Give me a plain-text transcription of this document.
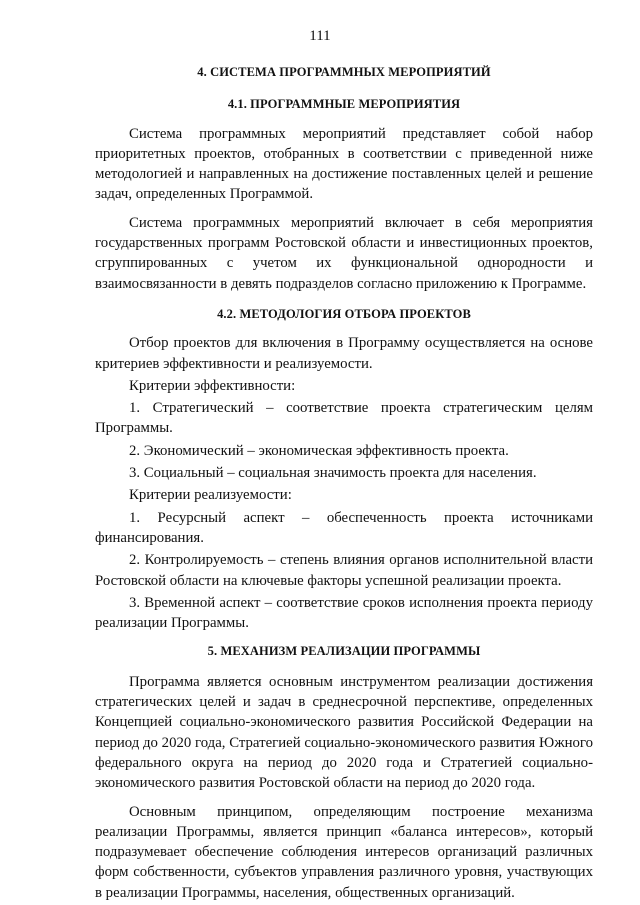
111
4. СИСТЕМА ПРОГРАММНЫХ МЕРОПРИЯТИЙ
4.1. ПРОГРАММНЫЕ МЕРОПРИЯТИЯ

Система программных мероприятий представляет собой набор приоритетных проектов, отобранных в соответствии с приведенной ниже методологией и направленных на достижение поставленных целей и решение задач, определенных Программой.

Система программных мероприятий включает в себя мероприятия государственных программ Ростовской области и инвестиционных проектов, сгруппированных с учетом их функциональной однородности и взаимосвязанности в девять подразделов согласно приложению к Программе.

4.2. МЕТОДОЛОГИЯ ОТБОРА ПРОЕКТОВ

Отбор проектов для включения в Программу осуществляется на основе критериев эффективности и реализуемости.

Критерии эффективности:

1. Стратегический – соответствие проекта стратегическим целям Программы.

2. Экономический – экономическая эффективность проекта.

3. Социальный – социальная значимость проекта для населения.

Критерии реализуемости:

1. Ресурсный аспект – обеспеченность проекта источниками финансирования.

2. Контролируемость – степень влияния органов исполнительной власти Ростовской области на ключевые факторы успешной реализации проекта.

3. Временной аспект – соответствие сроков исполнения проекта периоду реализации Программы.

5. МЕХАНИЗМ РЕАЛИЗАЦИИ ПРОГРАММЫ

Программа является основным инструментом реализации достижения стратегических целей и задач в среднесрочной перспективе, определенных Концепцией социально-экономического развития Российской Федерации на период до 2020 года, Стратегией социально-экономического развития Южного федерального округа на период до 2020 года и Стратегией социально-экономического развития Ростовской области на период до 2020 года.

Основным принципом, определяющим построение механизма реализации Программы, является принцип «баланса интересов», который подразумевает обеспечение соблюдения интересов организаций различных форм собственности, субъектов управления различного уровня, участвующих в реализации Программы, населения, общественных организаций.
